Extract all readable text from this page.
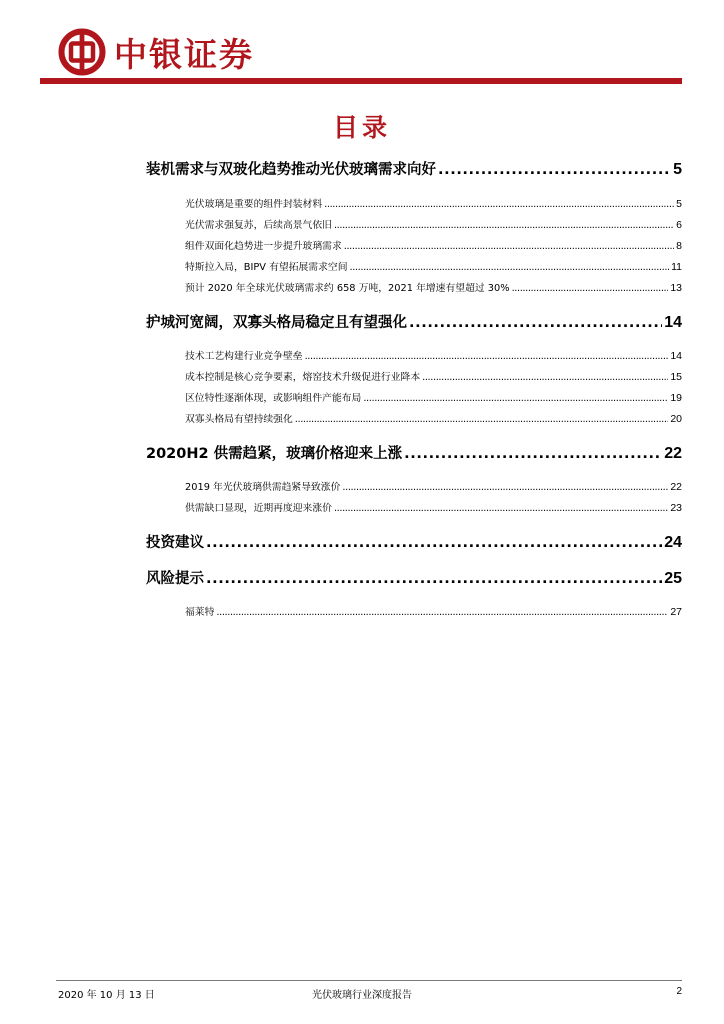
中银证券
目录
装机需求与双玻化趋势推动光伏玻璃需求向好 .....	5
光伏玻璃是重要的组件封装材料 .....	5
光伏需求强复苏，后续高景气依旧 .....	6
组件双面化趋势进一步提升玻璃需求 .....	8
特斯拉入局，BIPV 有望拓展需求空间 .....	11
预计 2020 年全球光伏玻璃需求约 658 万吨，2021 年增速有望超过 30% .....	13
护城河宽阔，双寡头格局稳定且有望强化 .....	14
技术工艺构建行业竞争壁垒 .....	14
成本控制是核心竞争要素，熔窑技术升级促进行业降本 .....	15
区位特性逐渐体现，或影响组件产能布局 .....	19
双寡头格局有望持续强化 .....	20
2020H2 供需趋紧，玻璃价格迎来上涨 .....	22
2019 年光伏玻璃供需趋紧导致涨价 .....	22
供需缺口显现，近期再度迎来涨价 .....	23
投资建议 .....	24
风险提示 .....	25
福莱特 .....	27
2020 年 10 月 13 日	光伏玻璃行业深度报告	2
